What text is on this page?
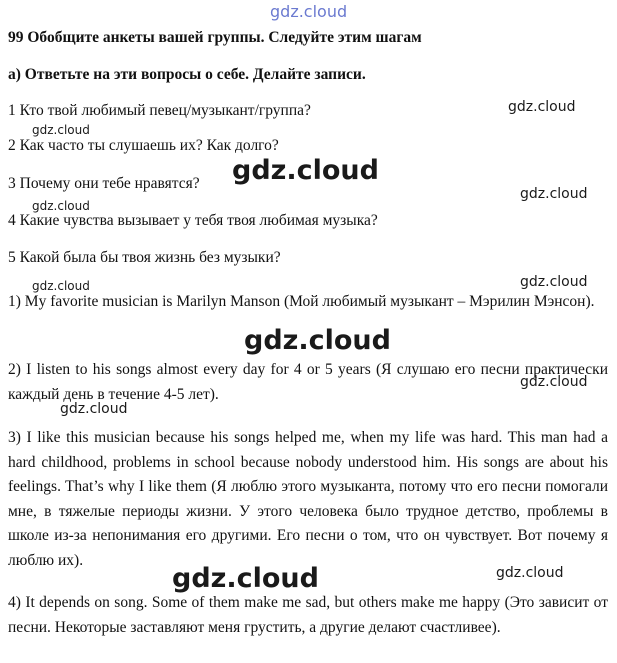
gdz.cloud
99 Обобщите анкеты вашей группы. Следуйте этим шагам
а) Ответьте на эти вопросы о себе. Делайте записи.
1 Кто твой любимый певец/музыкант/группа?
2 Как часто ты слушаешь их? Как долго?
3 Почему они тебе нравятся?
4 Какие чувства вызывает у тебя твоя любимая музыка?
5 Какой была бы твоя жизнь без музыки?
1) My favorite musician is Marilyn Manson (Мой любимый музыкант – Мэрилин Мэнсон).
2) I listen to his songs almost every day for 4 or 5 years (Я слушаю его песни практически каждый день в течение 4-5 лет).
3) I like this musician because his songs helped me, when my life was hard. This man had a hard childhood, problems in school because nobody understood him. His songs are about his feelings. That’s why I like them (Я люблю этого музыканта, потому что его песни помогали мне, в тяжелые периоды жизни. У этого человека было трудное детство, проблемы в школе из-за непонимания его другими. Его песни о том, что он чувствует. Вот почему я люблю их).
4) It depends on song. Some of them make me sad, but others make me happy (Это зависит от песни. Некоторые заставляют меня грустить, а другие делают счастливее).
gdz.cloud
gdz.cloud
gdz.cloud
gdz.cloud
gdz.cloud
gdz.cloud	gdz.cloud
gdz.cloud
gdz.cloud
gdz.cloud
gdz.cloud	gdz.cloud
